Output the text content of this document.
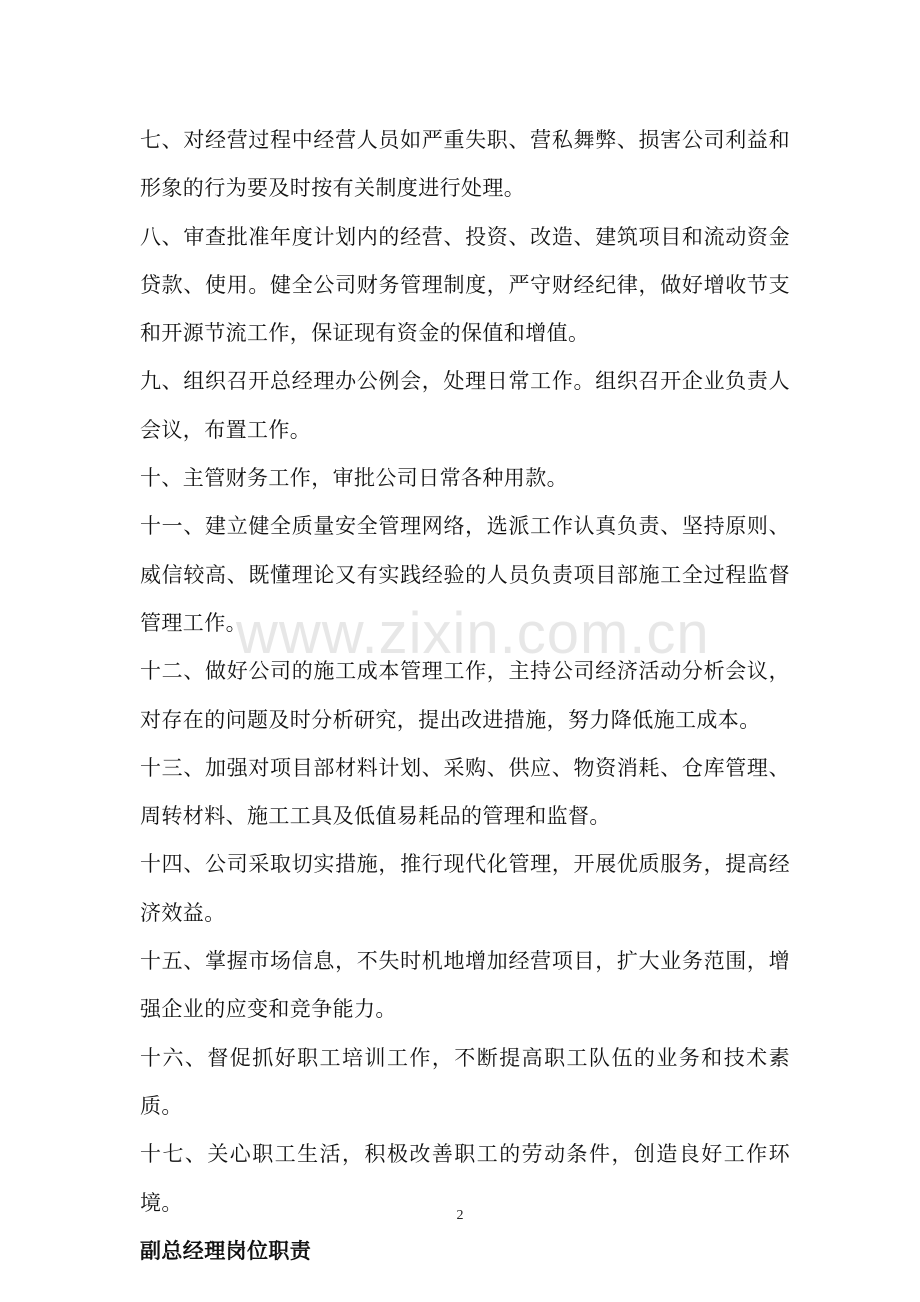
七、对经营过程中经营人员如严重失职、营私舞弊、损害公司利益和形象的行为要及时按有关制度进行处理。

八、审查批准年度计划内的经营、投资、改造、建筑项目和流动资金贷款、使用。健全公司财务管理制度，严守财经纪律，做好增收节支和开源节流工作，保证现有资金的保值和增值。

九、组织召开总经理办公例会，处理日常工作。组织召开企业负责人会议，布置工作。

十、主管财务工作，审批公司日常各种用款。

十一、建立健全质量安全管理网络，选派工作认真负责、坚持原则、威信较高、既懂理论又有实践经验的人员负责项目部施工全过程监督管理工作。

十二、做好公司的施工成本管理工作，主持公司经济活动分析会议，对存在的问题及时分析研究，提出改进措施，努力降低施工成本。

十三、加强对项目部材料计划、采购、供应、物资消耗、仓库管理、周转材料、施工工具及低值易耗品的管理和监督。

十四、公司采取切实措施，推行现代化管理，开展优质服务，提高经济效益。

十五、掌握市场信息，不失时机地增加经营项目，扩大业务范围，增强企业的应变和竞争能力。

十六、督促抓好职工培训工作，不断提高职工队伍的业务和技术素质。

十七、关心职工生活，积极改善职工的劳动条件，创造良好工作环境。

副总经理岗位职责

www.zixin.com.cn
2
